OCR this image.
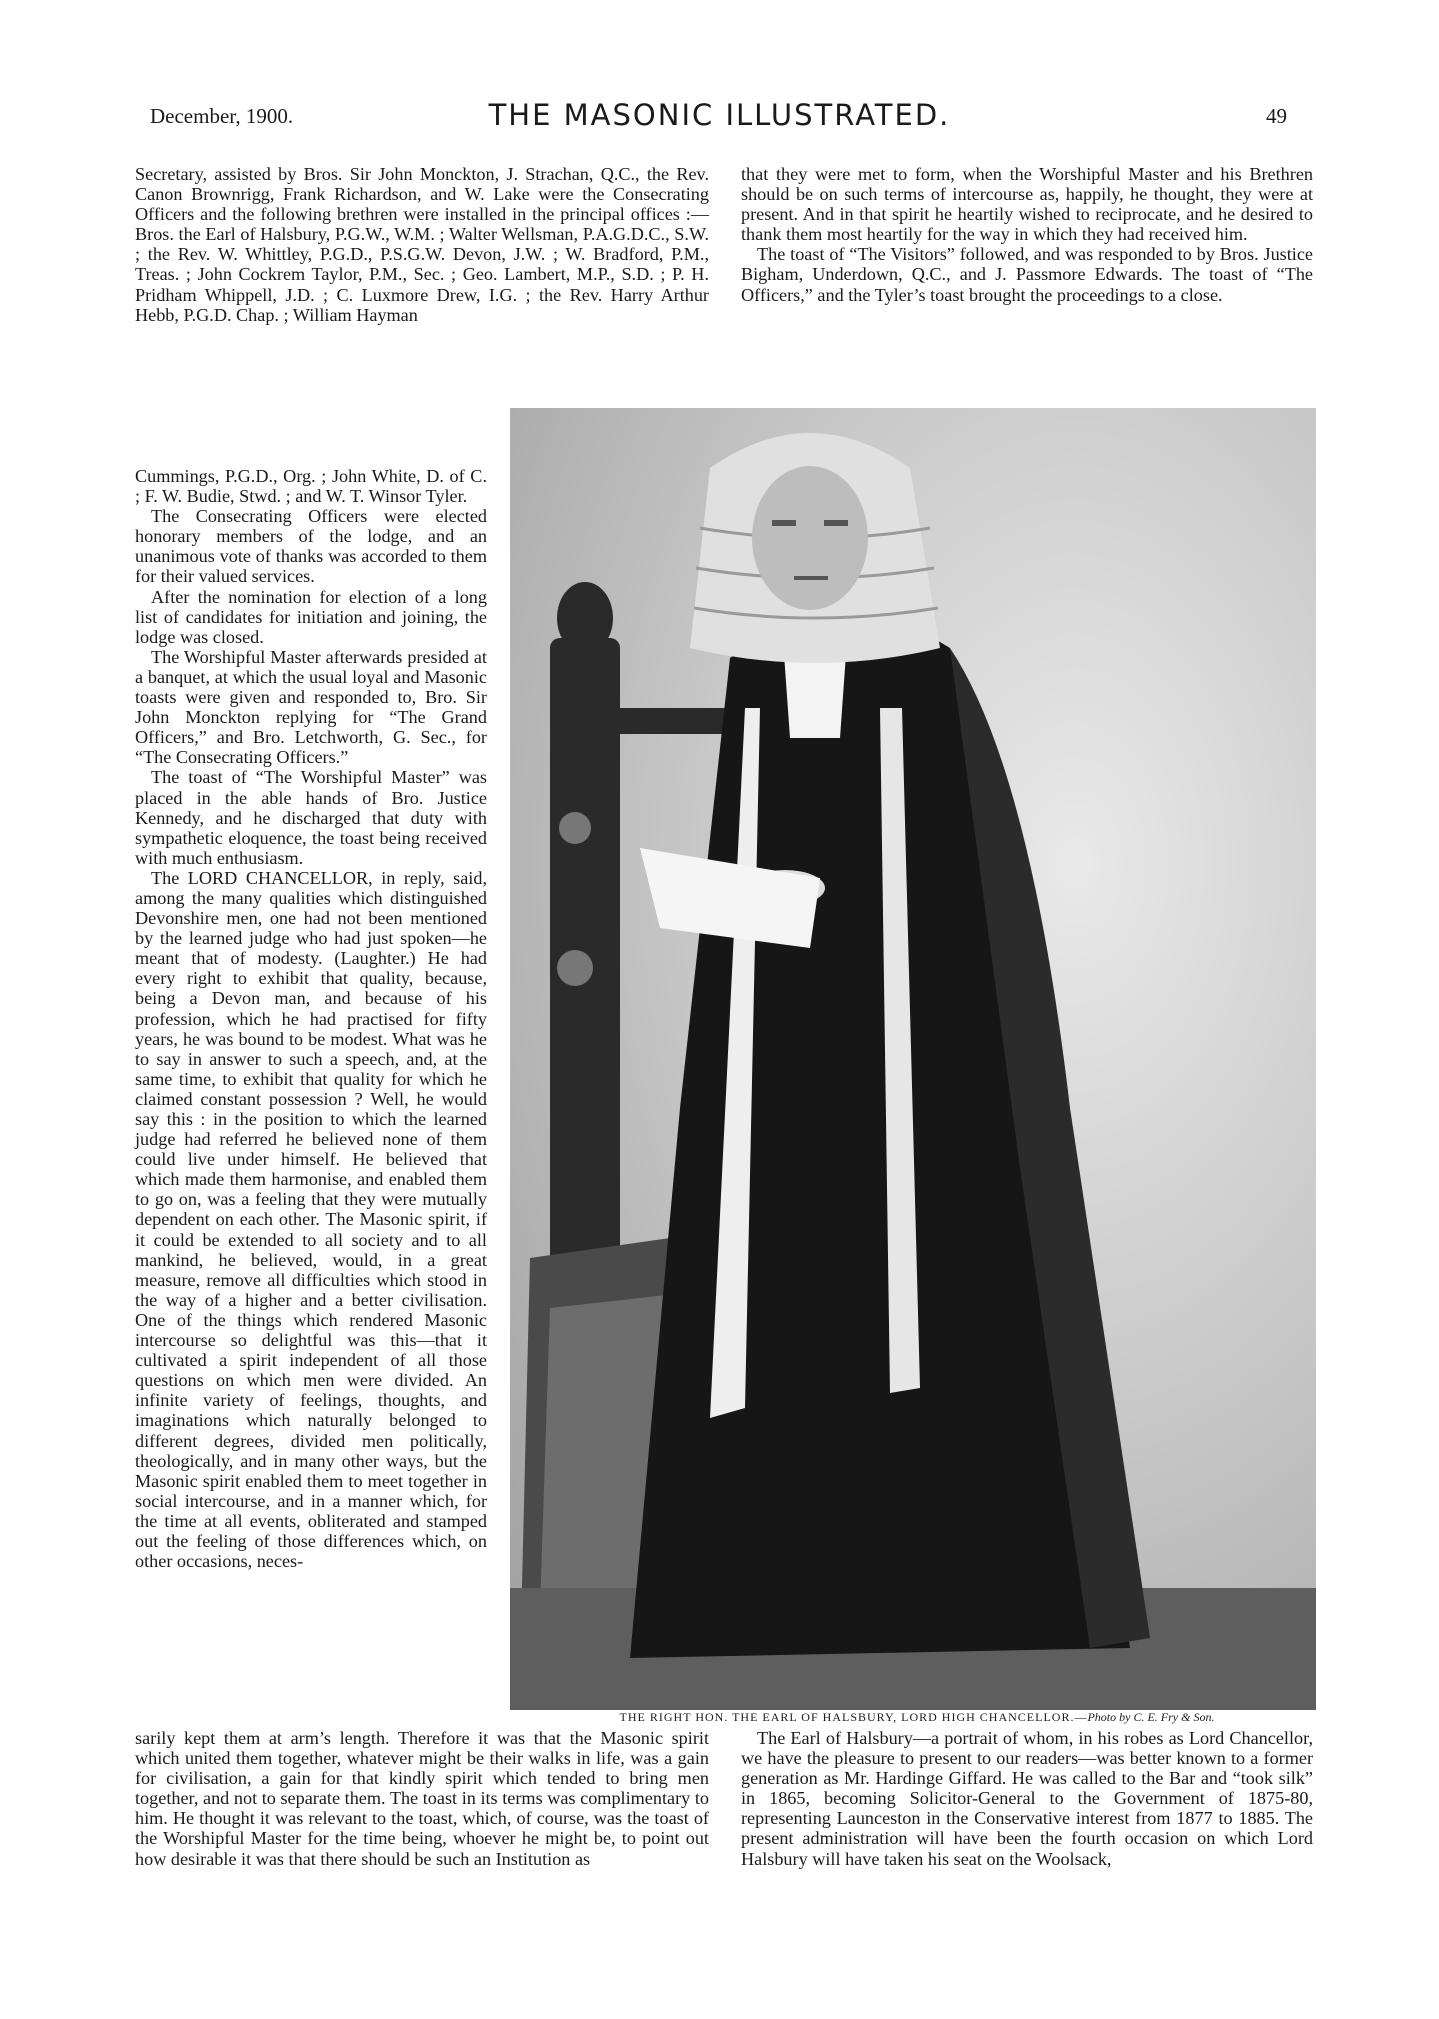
December, 1900.	THE MASONIC ILLUSTRATED.	49

Secretary, assisted by Bros. Sir John Monckton, J. Strachan, Q.C., the Rev. Canon Brownrigg, Frank Richardson, and W. Lake were the Consecrating Officers and the following brethren were installed in the principal offices :—Bros. the Earl of Halsbury, P.G.W., W.M. ; Walter Wellsman, P.A.G.D.C., S.W. ; the Rev. W. Whittley, P.G.D., P.S.G.W. Devon, J.W. ; W. Bradford, P.M., Treas. ; John Cockrem Taylor, P.M., Sec. ; Geo. Lambert, M.P., S.D. ; P. H. Pridham Whippell, J.D. ; C. Luxmore Drew, I.G. ; the Rev. Harry Arthur Hebb, P.G.D. Chap. ; William Hayman

Cummings, P.G.D., Org. ; John White, D. of C. ; F. W. Budie, Stwd. ; and W. T. Winsor Tyler.

The Consecrating Officers were elected honorary members of the lodge, and an unanimous vote of thanks was accorded to them for their valued services.

After the nomination for election of a long list of candidates for initiation and joining, the lodge was closed.

The Worshipful Master afterwards presided at a banquet, at which the usual loyal and Masonic toasts were given and responded to, Bro. Sir John Monckton replying for “The Grand Officers,” and Bro. Letchworth, G. Sec., for “The Consecrating Officers.”

The toast of “The Worshipful Master” was placed in the able hands of Bro. Justice Kennedy, and he discharged that duty with sympathetic eloquence, the toast being received with much enthusiasm.

The LORD CHANCELLOR, in reply, said, among the many qualities which distinguished Devonshire men, one had not been mentioned by the learned judge who had just spoken—he meant that of modesty. (Laughter.) He had every right to exhibit that quality, because, being a Devon man, and because of his profession, which he had practised for fifty years, he was bound to be modest. What was he to say in answer to such a speech, and, at the same time, to exhibit that quality for which he claimed constant possession ? Well, he would say this : in the position to which the learned judge had referred he believed none of them could live under himself. He believed that which made them harmonise, and enabled them to go on, was a feeling that they were mutually dependent on each other. The Masonic spirit, if it could be extended to all society and to all mankind, he believed, would, in a great measure, remove all difficulties which stood in the way of a higher and a better civilisation. One of the things which rendered Masonic intercourse so delightful was this—that it cultivated a spirit independent of all those questions on which men were divided. An infinite variety of feelings, thoughts, and imaginations which naturally belonged to different degrees, divided men politically, theologically, and in many other ways, but the Masonic spirit enabled them to meet together in social intercourse, and in a manner which, for the time at all events, obliterated and stamped out the feeling of those differences which, on other occasions, neces-

sarily kept them at arm’s length. Therefore it was that the Masonic spirit which united them together, whatever might be their walks in life, was a gain for civilisation, a gain for that kindly spirit which tended to bring men together, and not to separate them. The toast in its terms was complimentary to him. He thought it was relevant to the toast, which, of course, was the toast of the Worshipful Master for the time being, whoever he might be, to point out how desirable it was that there should be such an Institution as

that they were met to form, when the Worshipful Master and his Brethren should be on such terms of intercourse as, happily, he thought, they were at present. And in that spirit he heartily wished to reciprocate, and he desired to thank them most heartily for the way in which they had received him.

The toast of “The Visitors” followed, and was responded to by Bros. Justice Bigham, Underdown, Q.C., and J. Passmore Edwards. The toast of “The Officers,” and the Tyler’s toast brought the proceedings to a close.

THE RIGHT HON. THE EARL OF HALSBURY, LORD HIGH CHANCELLOR.—Photo by C. E. Fry & Son.

The Earl of Halsbury—a portrait of whom, in his robes as Lord Chancellor, we have the pleasure to present to our readers—was better known to a former generation as Mr. Hardinge Giffard. He was called to the Bar and “took silk” in 1865, becoming Solicitor-General to the Government of 1875-80, representing Launceston in the Conservative interest from 1877 to 1885. The present administration will have been the fourth occasion on which Lord Halsbury will have taken his seat on the Woolsack,
